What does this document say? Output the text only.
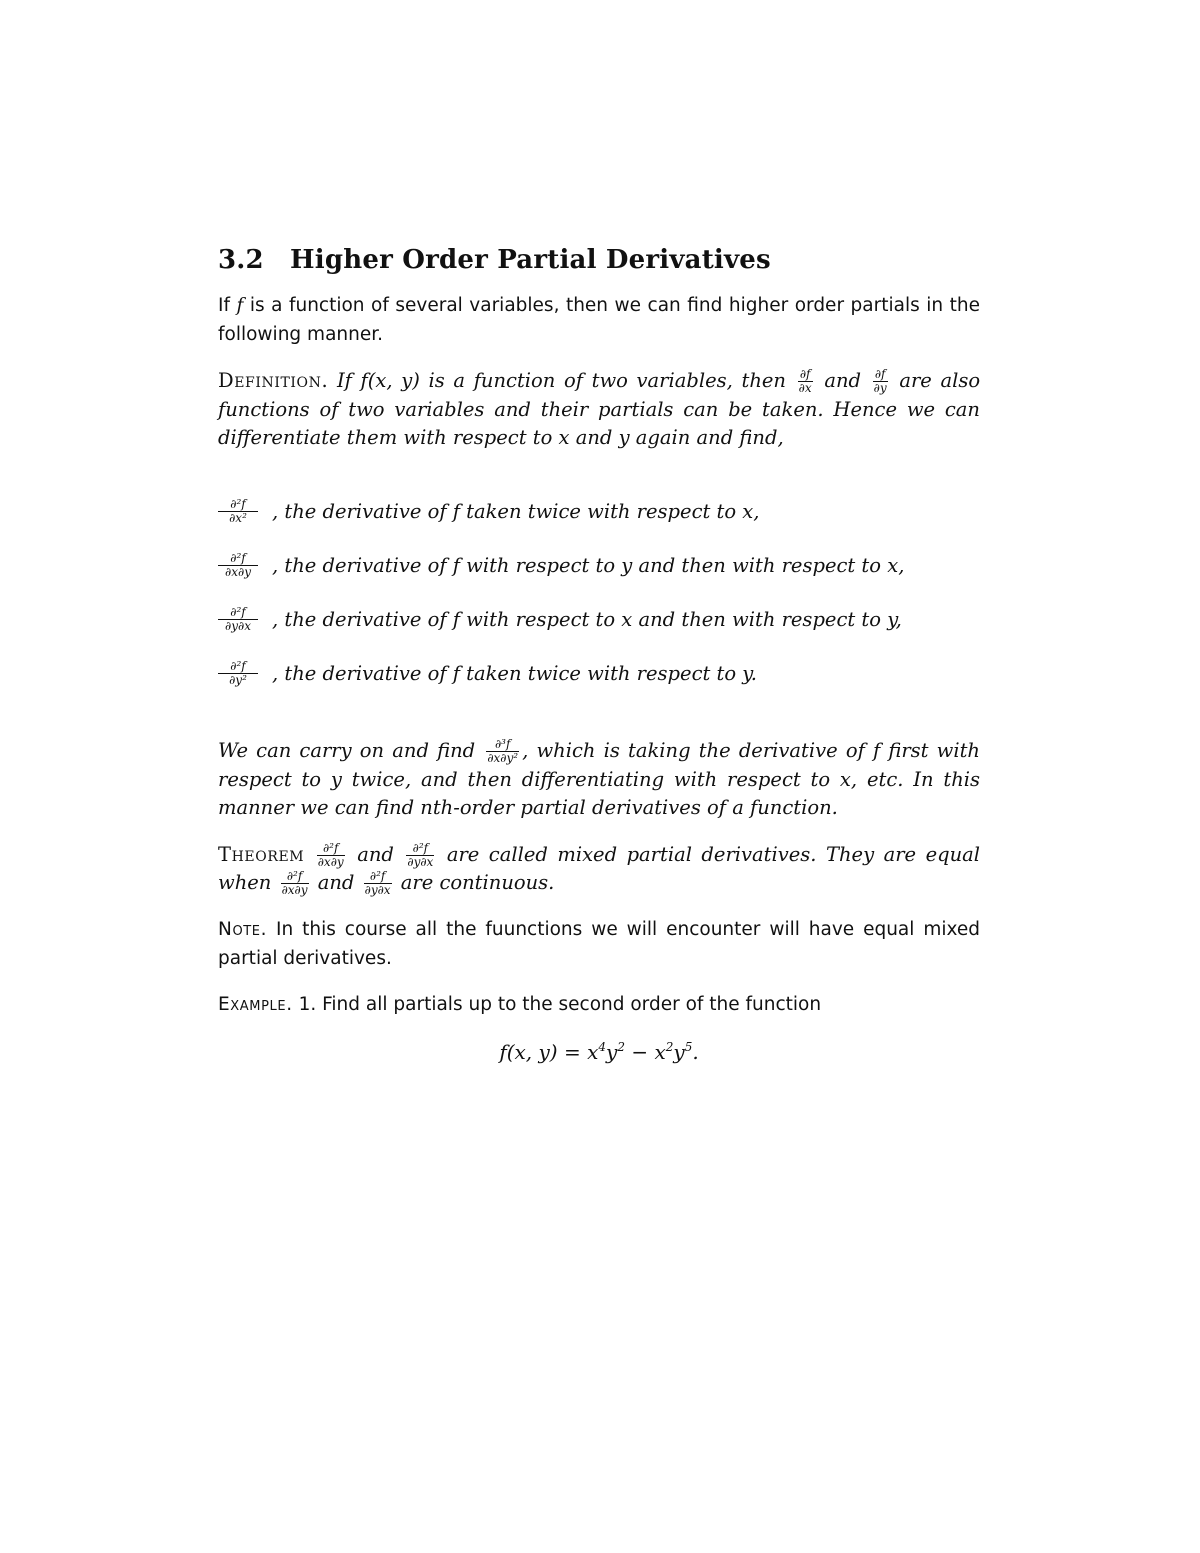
3.2 Higher Order Partial Derivatives

If f is a function of several variables, then we can find higher order partials in the following manner.

Definition. If f(x, y) is a function of two variables, then $\frac{\partial f}{\partial x}$ and $\frac{\partial f}{\partial y}$ are also functions of two variables and their partials can be taken. Hence we can differentiate them with respect to x and y again and find,

$\frac{\text{∂²f}}{\text{∂x²}}$ , the derivative of f taken twice with respect to x,
$\frac{\text{∂²f}}{\partial x\partial y}$ , the derivative of f with respect to y and then with respect to x,
$\frac{\text{∂²f}}{\partial y\partial x}$ , the derivative of f with respect to x and then with respect to y,
$\frac{\text{∂²f}}{\text{∂y²}}$ , the derivative of f taken twice with respect to y.

We can carry on and find $\frac{\text{∂³f}}{\text{∂x∂y²}}$ , which is taking the derivative of f first with respect to y twice, and then differentiating with respect to x, etc. In this manner we can find nth-order partial derivatives of a function.

Theorem $\frac{\text{∂²f}}{\partial x\partial y}$ and $\frac{\text{∂²f}}{\partial y\partial x}$ are called mixed partial derivatives. They are equal when $\frac{\text{∂²f}}{\partial x\partial y}$ and $\frac{\text{∂²f}}{\partial y\partial x}$ are continuous.

Note. In this course all the fuunctions we will encounter will have equal mixed partial derivatives.

Example. 1. Find all partials up to the second order of the function

f(x, $y) = x^4y^2 - x^2y^5$.
